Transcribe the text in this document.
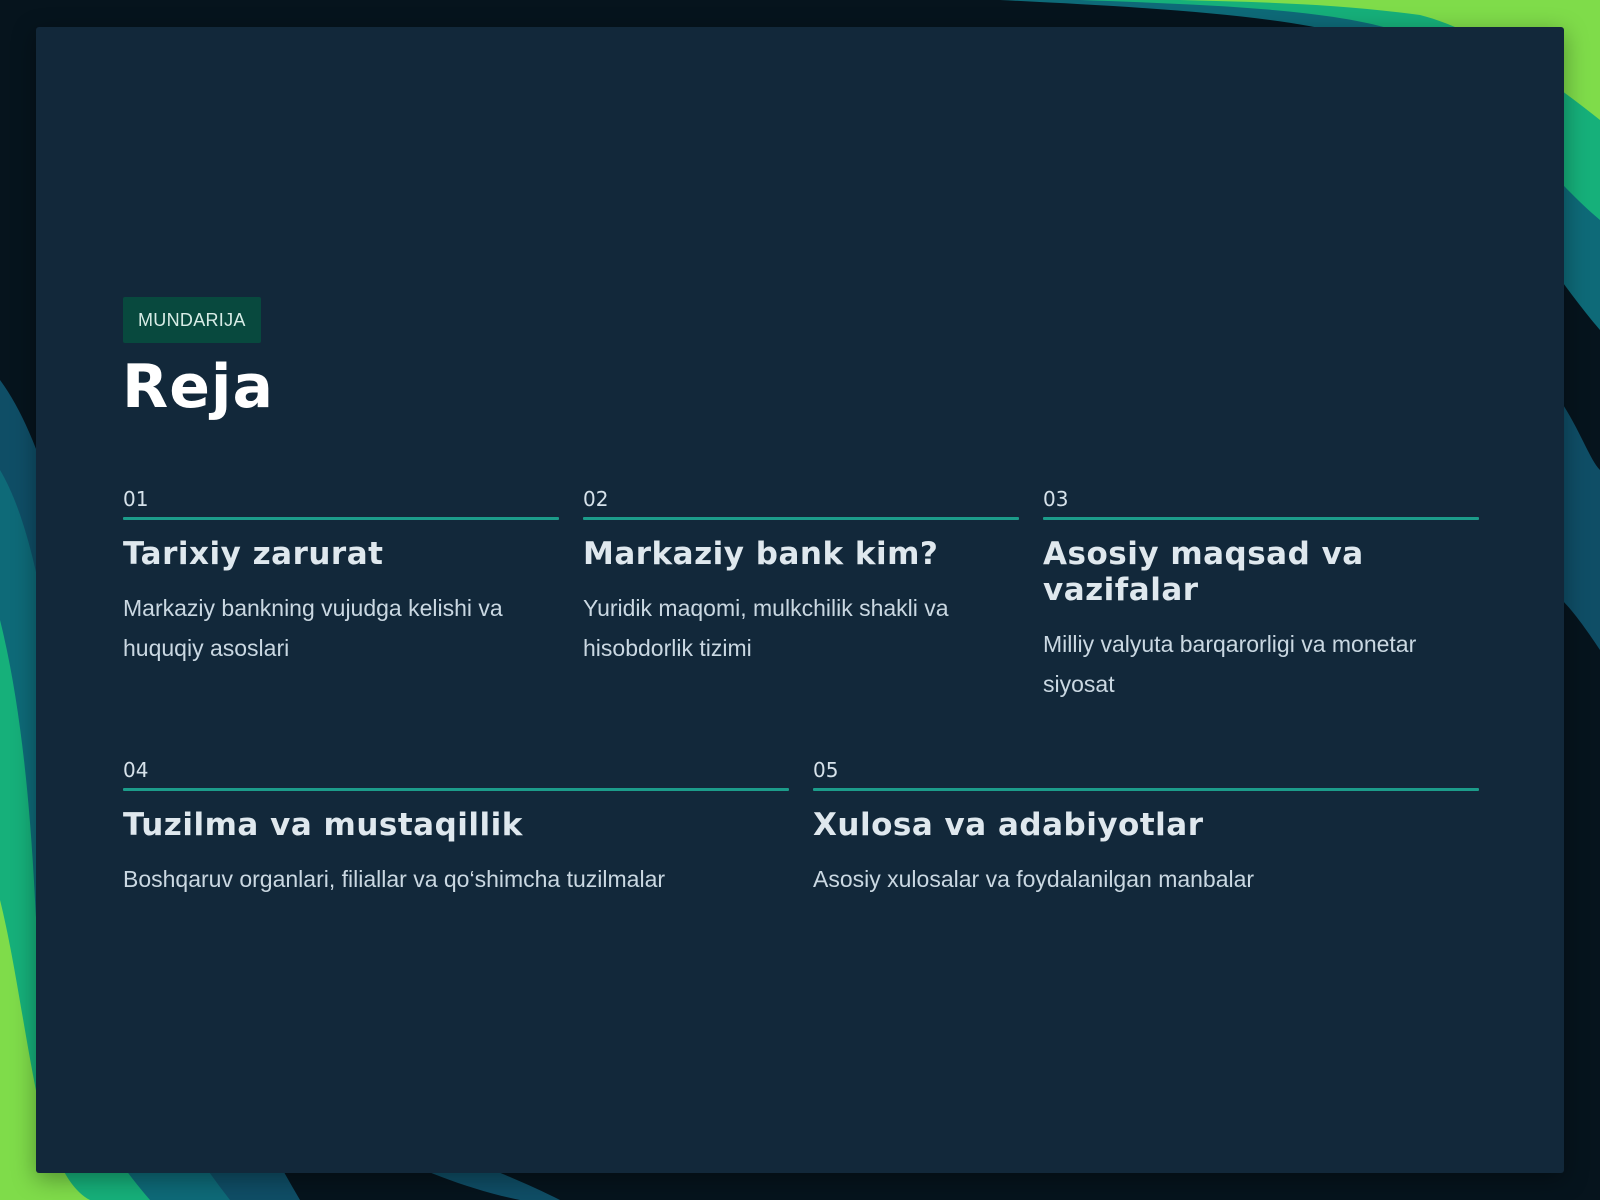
MUNDARIJA
Reja
01
Tarixiy zarurat
Markaziy bankning vujudga kelishi va huquqiy asoslari
02
Markaziy bank kim?
Yuridik maqomi, mulkchilik shakli va hisobdorlik tizimi
03
Asosiy maqsad va vazifalar
Milliy valyuta barqarorligi va monetar siyosat
04
Tuzilma va mustaqillik
Boshqaruv organlari, filiallar va qo‘shimcha tuzilmalar
05
Xulosa va adabiyotlar
Asosiy xulosalar va foydalanilgan manbalar
